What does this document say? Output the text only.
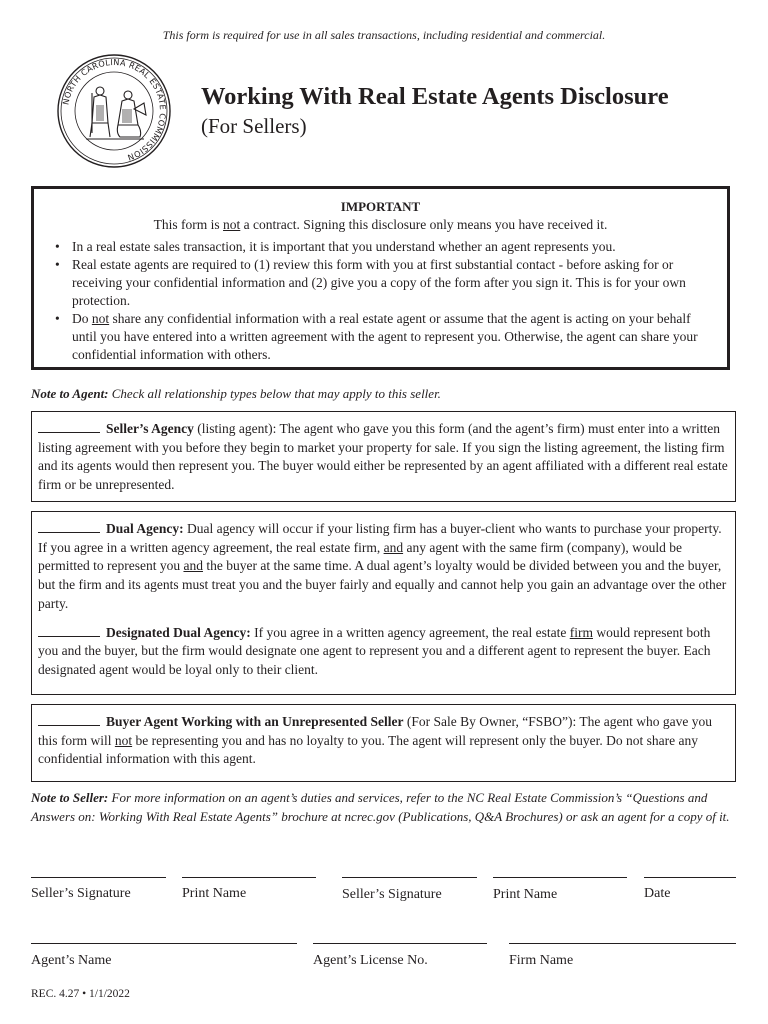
This form is required for use in all sales transactions, including residential and commercial.
NORTH CAROLINA REAL ESTATE COMMISSION
Working With Real Estate Agents Disclosure
(For Sellers)
IMPORTANT
This form is not a contract. Signing this disclosure only means you have received it.
• In a real estate sales transaction, it is important that you understand whether an agent represents you.
• Real estate agents are required to (1) review this form with you at first substantial contact - before asking for or receiving your confidential information and (2) give you a copy of the form after you sign it. This is for your own protection.
• Do not share any confidential information with a real estate agent or assume that the agent is acting on your behalf until you have entered into a written agreement with the agent to represent you. Otherwise, the agent can share your confidential information with others.
Note to Agent: Check all relationship types below that may apply to this seller.

Seller’s Agency (listing agent): The agent who gave you this form (and the agent’s firm) must enter into a written listing agreement with you before they begin to market your property for sale. If you sign the listing agreement, the listing firm and its agents would then represent you. The buyer would either be represented by an agent affiliated with a different real estate firm or be unrepresented.

Dual Agency: Dual agency will occur if your listing firm has a buyer-client who wants to purchase your property. If you agree in a written agency agreement, the real estate firm, and any agent with the same firm (company), would be permitted to represent you and the buyer at the same time. A dual agent’s loyalty would be divided between you and the buyer, but the firm and its agents must treat you and the buyer fairly and equally and cannot help you gain an advantage over the other party.

Designated Dual Agency: If you agree in a written agency agreement, the real estate firm would represent both you and the buyer, but the firm would designate one agent to represent you and a different agent to represent the buyer. Each designated agent would be loyal only to their client.

Buyer Agent Working with an Unrepresented Seller (For Sale By Owner, “FSBO”): The agent who gave you this form will not be representing you and has no loyalty to you. The agent will represent only the buyer. Do not share any confidential information with this agent.

Note to Seller: For more information on an agent’s duties and services, refer to the NC Real Estate Commission’s “Questions and Answers on: Working With Real Estate Agents” brochure at ncrec.gov (Publications, Q&A Brochures) or ask an agent for a copy of it.
Seller’s Signature	Print Name	Seller’s Signature	Print Name	Date
Agent’s Name	Agent’s License No.	Firm Name
REC. 4.27 • 1/1/2022
